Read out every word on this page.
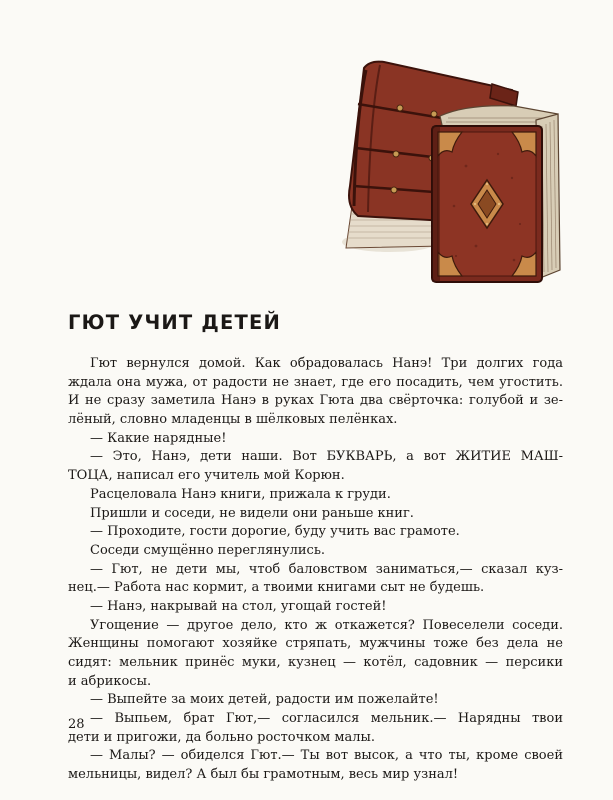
ГЮТ УЧИТ ДЕТЕЙ
Гют вернулся домой. Как обрадовалась Нанэ! Три долгих года
ждала она мужа, от радости не знает, где его посадить, чем угостить.
И не сразу заметила Нанэ в руках Гюта два свёрточка: голубой и зе-
лёный, словно младенцы в шёлковых пелёнках.
— Какие нарядные!
— Это, Нанэ, дети наши. Вот БУКВАРЬ, а вот ЖИТИЕ МАШ-
ТОЦА, написал его учитель мой Корюн.
Расцеловала Нанэ книги, прижала к груди.
Пришли и соседи, не видели они раньше книг.
— Проходите, гости дорогие, буду учить вас грамоте.
Соседи смущённо переглянулись.
— Гют, не дети мы, чтоб баловством заниматься,— сказал куз-
нец.— Работа нас кормит, а твоими книгами сыт не будешь.
— Нанэ, накрывай на стол, угощай гостей!
Угощение — другое дело, кто ж откажется? Повеселели соседи.
Женщины помогают хозяйке стряпать, мужчины тоже без дела не
сидят: мельник принёс муки, кузнец — котёл, садовник — персики
и абрикосы.
— Выпейте за моих детей, радости им пожелайте!
— Выпьем, брат Гют,— согласился мельник.— Нарядны твои
дети и пригожи, да больно росточком малы.
— Малы? — обиделся Гют.— Ты вот высок, а что ты, кроме своей
мельницы, видел? А был бы грамотным, весь мир узнал!
28
